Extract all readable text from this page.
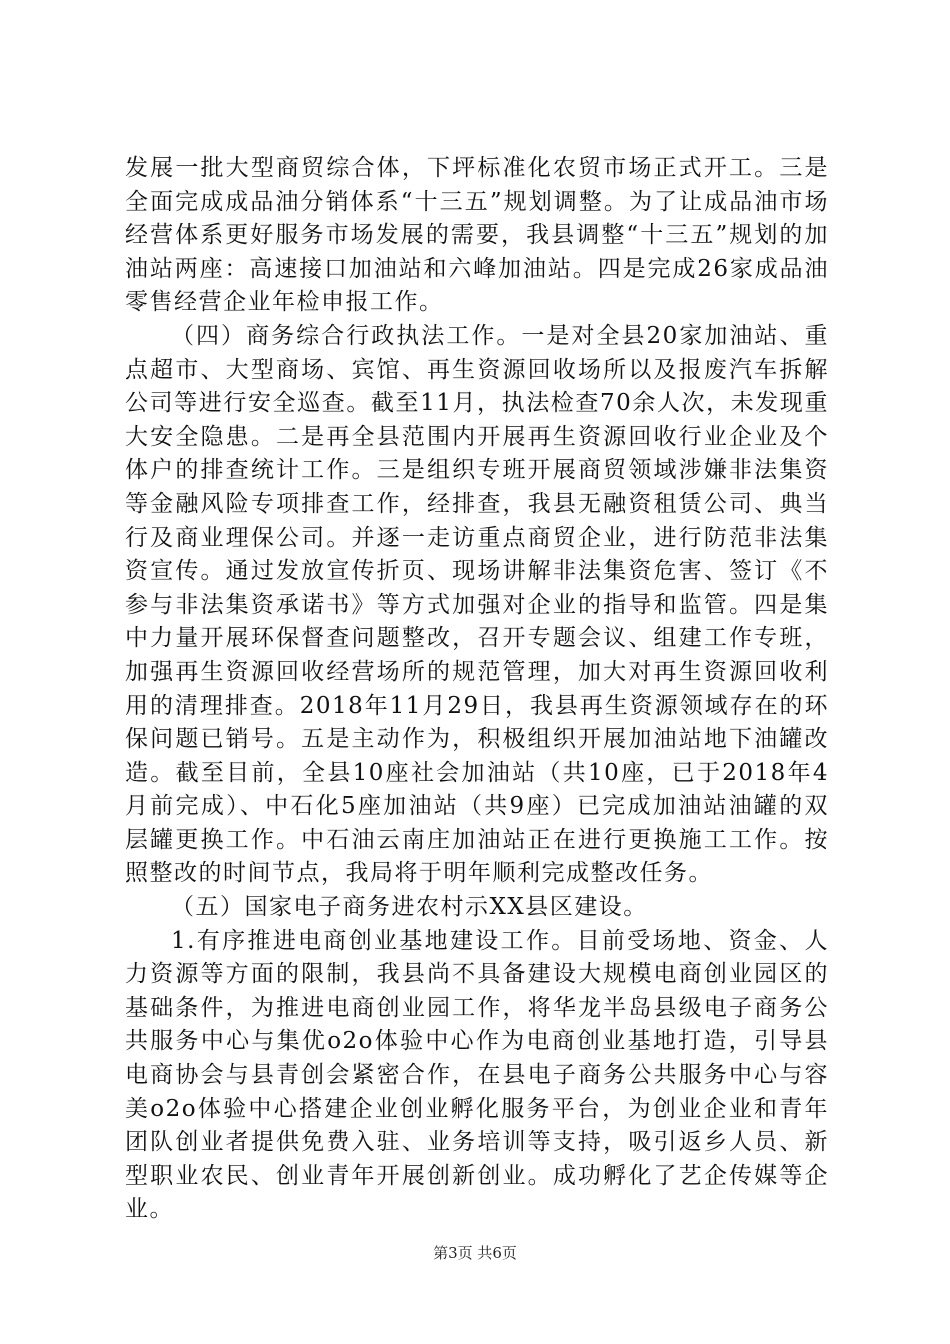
发展一批大型商贸综合体，下坪标准化农贸市场正式开工。三是全面完成成品油分销体系“十三五”规划调整。为了让成品油市场经营体系更好服务市场发展的需要，我县调整“十三五”规划的加油站两座：高速接口加油站和六峰加油站。四是完成26家成品油零售经营企业年检申报工作。

（四）商务综合行政执法工作。一是对全县20家加油站、重点超市、大型商场、宾馆、再生资源回收场所以及报废汽车拆解公司等进行安全巡查。截至11月，执法检查70余人次，未发现重大安全隐患。二是再全县范围内开展再生资源回收行业企业及个体户的排查统计工作。三是组织专班开展商贸领域涉嫌非法集资等金融风险专项排查工作，经排查，我县无融资租赁公司、典当行及商业理保公司。并逐一走访重点商贸企业，进行防范非法集资宣传。通过发放宣传折页、现场讲解非法集资危害、签订《不参与非法集资承诺书》等方式加强对企业的指导和监管。四是集中力量开展环保督查问题整改，召开专题会议、组建工作专班，加强再生资源回收经营场所的规范管理，加大对再生资源回收利用的清理排查。2018年11月29日，我县再生资源领域存在的环保问题已销号。五是主动作为，积极组织开展加油站地下油罐改造。截至目前，全县10座社会加油站（共10座，已于2018年4月前完成）、中石化5座加油站（共9座）已完成加油站油罐的双层罐更换工作。中石油云南庄加油站正在进行更换施工工作。按照整改的时间节点，我局将于明年顺利完成整改任务。

（五）国家电子商务进农村示XX县区建设。

1.有序推进电商创业基地建设工作。目前受场地、资金、人力资源等方面的限制，我县尚不具备建设大规模电商创业园区的基础条件，为推进电商创业园工作，将华龙半岛县级电子商务公共服务中心与集优o2o体验中心作为电商创业基地打造，引导县电商协会与县青创会紧密合作，在县电子商务公共服务中心与容美o2o体验中心搭建企业创业孵化服务平台，为创业企业和青年团队创业者提供免费入驻、业务培训等支持，吸引返乡人员、新型职业农民、创业青年开展创新创业。成功孵化了艺企传媒等企业。

第3页 共6页
